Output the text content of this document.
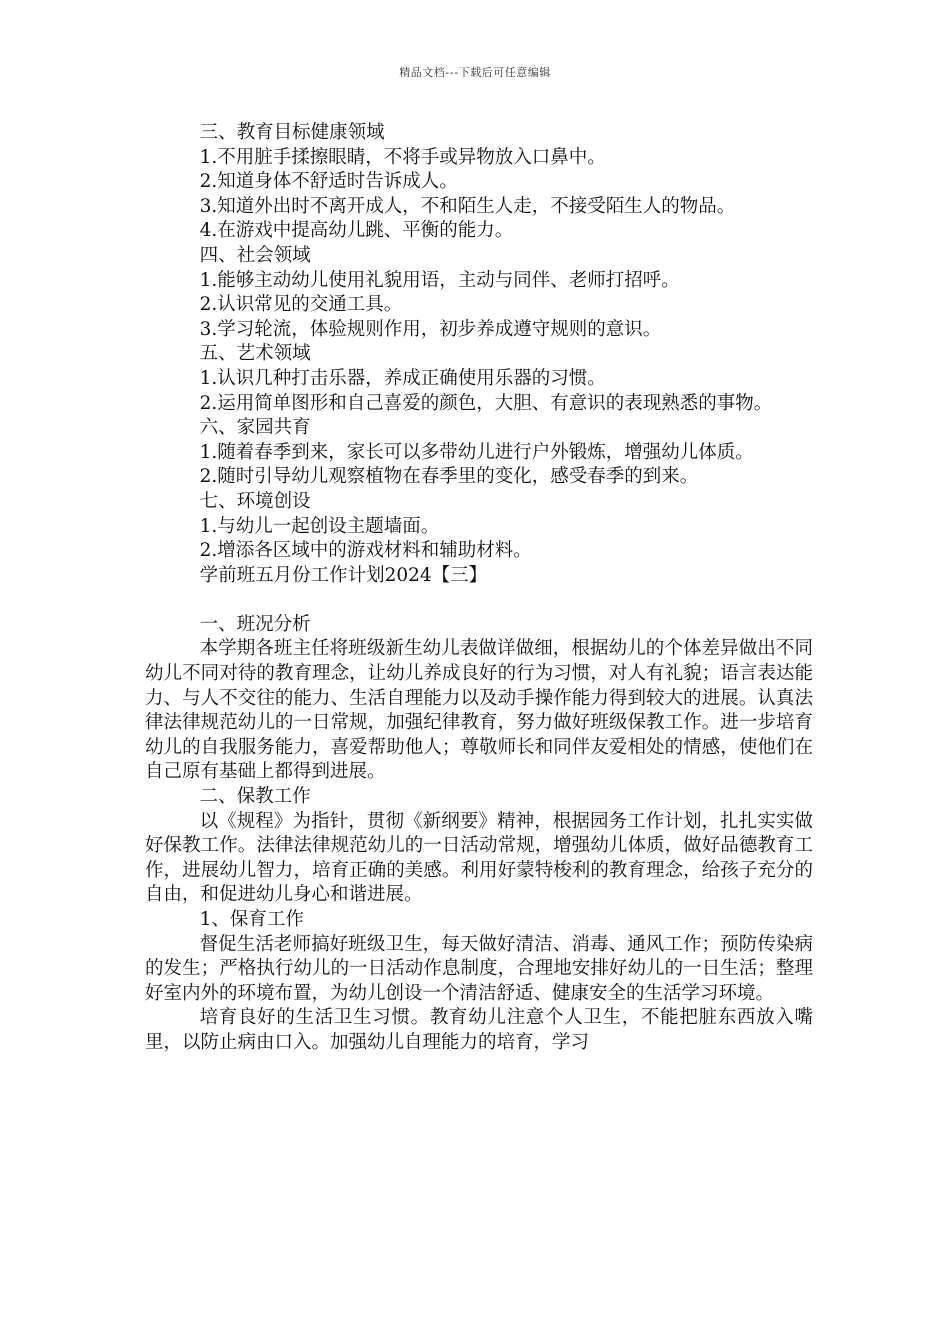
精品文档---下载后可任意编辑

三、教育目标健康领域

1.不用脏手揉擦眼睛，不将手或异物放入口鼻中。

2.知道身体不舒适时告诉成人。

3.知道外出时不离开成人，不和陌生人走，不接受陌生人的物品。

4.在游戏中提高幼儿跳、平衡的能力。

四、社会领域

1.能够主动幼儿使用礼貌用语，主动与同伴、老师打招呼。

2.认识常见的交通工具。

3.学习轮流，体验规则作用，初步养成遵守规则的意识。

五、艺术领域

1.认识几种打击乐器，养成正确使用乐器的习惯。

2.运用简单图形和自己喜爱的颜色，大胆、有意识的表现熟悉的事物。

六、家园共育

1.随着春季到来，家长可以多带幼儿进行户外锻炼，增强幼儿体质。

2.随时引导幼儿观察植物在春季里的变化，感受春季的到来。

七、环境创设

1.与幼儿一起创设主题墙面。

2.增添各区域中的游戏材料和辅助材料。

学前班五月份工作计划2024【三】

一、班况分析

本学期各班主任将班级新生幼儿表做详做细，根据幼儿的个体差异做出不同幼儿不同对待的教育理念，让幼儿养成良好的行为习惯，对人有礼貌；语言表达能力、与人不交往的能力、生活自理能力以及动手操作能力得到较大的进展。认真法律法律规范幼儿的一日常规，加强纪律教育，努力做好班级保教工作。进一步培育幼儿的自我服务能力，喜爱帮助他人；尊敬师长和同伴友爱相处的情感，使他们在自己原有基础上都得到进展。

二、保教工作

以《规程》为指针，贯彻《新纲要》精神，根据园务工作计划，扎扎实实做好保教工作。法律法律规范幼儿的一日活动常规，增强幼儿体质，做好品德教育工作，进展幼儿智力，培育正确的美感。利用好蒙特梭利的教育理念，给孩子充分的自由，和促进幼儿身心和谐进展。

1、保育工作

督促生活老师搞好班级卫生，每天做好清洁、消毒、通风工作；预防传染病的发生；严格执行幼儿的一日活动作息制度，合理地安排好幼儿的一日生活；整理好室内外的环境布置，为幼儿创设一个清洁舒适、健康安全的生活学习环境。

培育良好的生活卫生习惯。教育幼儿注意个人卫生，不能把脏东西放入嘴里，以防止病由口入。加强幼儿自理能力的培育，学习
